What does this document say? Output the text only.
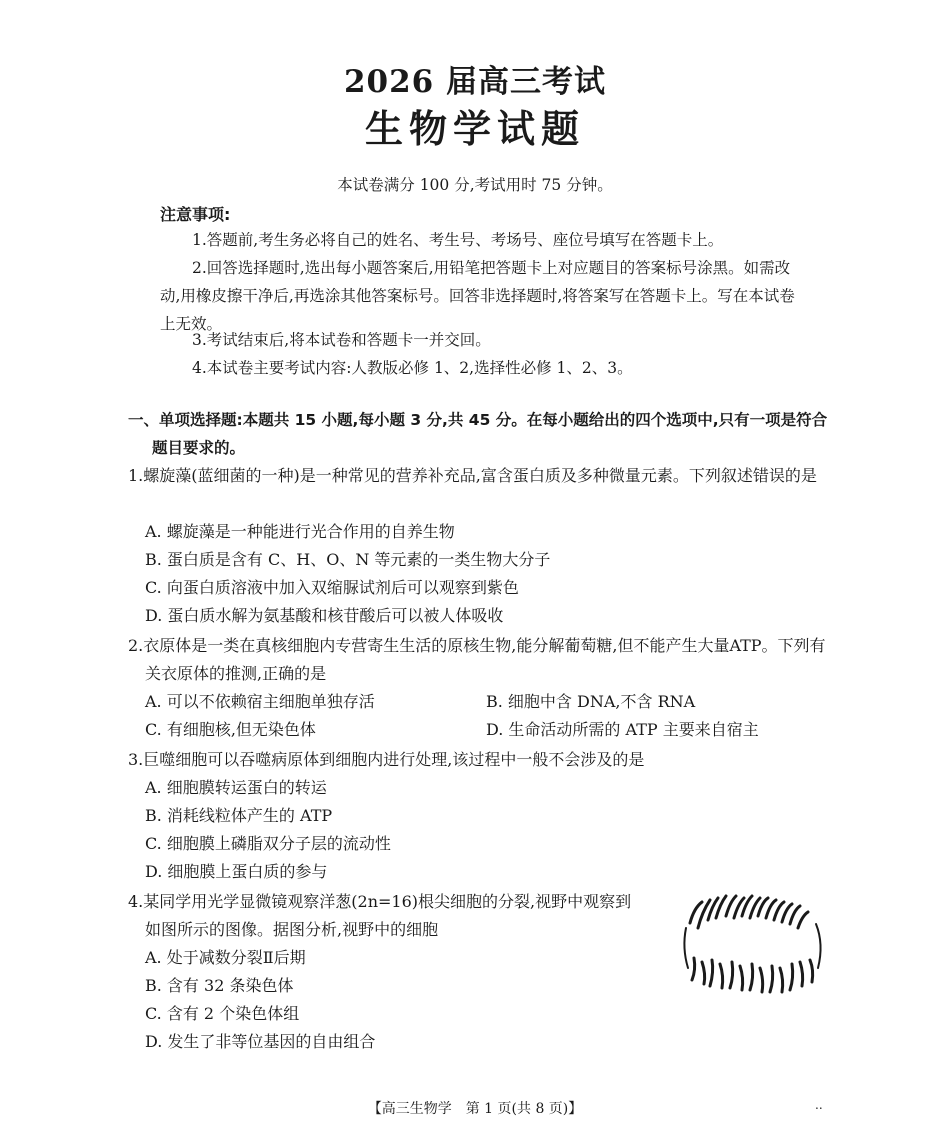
2026 届高三考试
生物学试题
本试卷满分 100 分,考试用时 75 分钟。
注意事项:
1.答题前,考生务必将自己的姓名、考生号、考场号、座位号填写在答题卡上。
2.回答选择题时,选出每小题答案后,用铅笔把答题卡上对应题目的答案标号涂黑。如需改动,用橡皮擦干净后,再选涂其他答案标号。回答非选择题时,将答案写在答题卡上。写在本试卷上无效。
3.考试结束后,将本试卷和答题卡一并交回。
4.本试卷主要考试内容:人教版必修 1、2,选择性必修 1、2、3。
一、单项选择题:本题共 15 小题,每小题 3 分,共 45 分。在每小题给出的四个选项中,只有一项是符合题目要求的。
1.螺旋藻(蓝细菌的一种)是一种常见的营养补充品,富含蛋白质及多种微量元素。下列叙述错误的是
A. 螺旋藻是一种能进行光合作用的自养生物
B. 蛋白质是含有 C、H、O、N 等元素的一类生物大分子
C. 向蛋白质溶液中加入双缩脲试剂后可以观察到紫色
D. 蛋白质水解为氨基酸和核苷酸后可以被人体吸收
2.衣原体是一类在真核细胞内专营寄生生活的原核生物,能分解葡萄糖,但不能产生大量ATP。下列有关衣原体的推测,正确的是
A. 可以不依赖宿主细胞单独存活	B. 细胞中含 DNA,不含 RNA
C. 有细胞核,但无染色体	D. 生命活动所需的 ATP 主要来自宿主
3.巨噬细胞可以吞噬病原体到细胞内进行处理,该过程中一般不会涉及的是
A. 细胞膜转运蛋白的转运
B. 消耗线粒体产生的 ATP
C. 细胞膜上磷脂双分子层的流动性
D. 细胞膜上蛋白质的参与
4.某同学用光学显微镜观察洋葱(2n=16)根尖细胞的分裂,视野中观察到
如图所示的图像。据图分析,视野中的细胞
A. 处于减数分裂Ⅱ后期
B. 含有 32 条染色体
C. 含有 2 个染色体组
D. 发生了非等位基因的自由组合
【高三生物学　第 1 页(共 8 页)】	..
